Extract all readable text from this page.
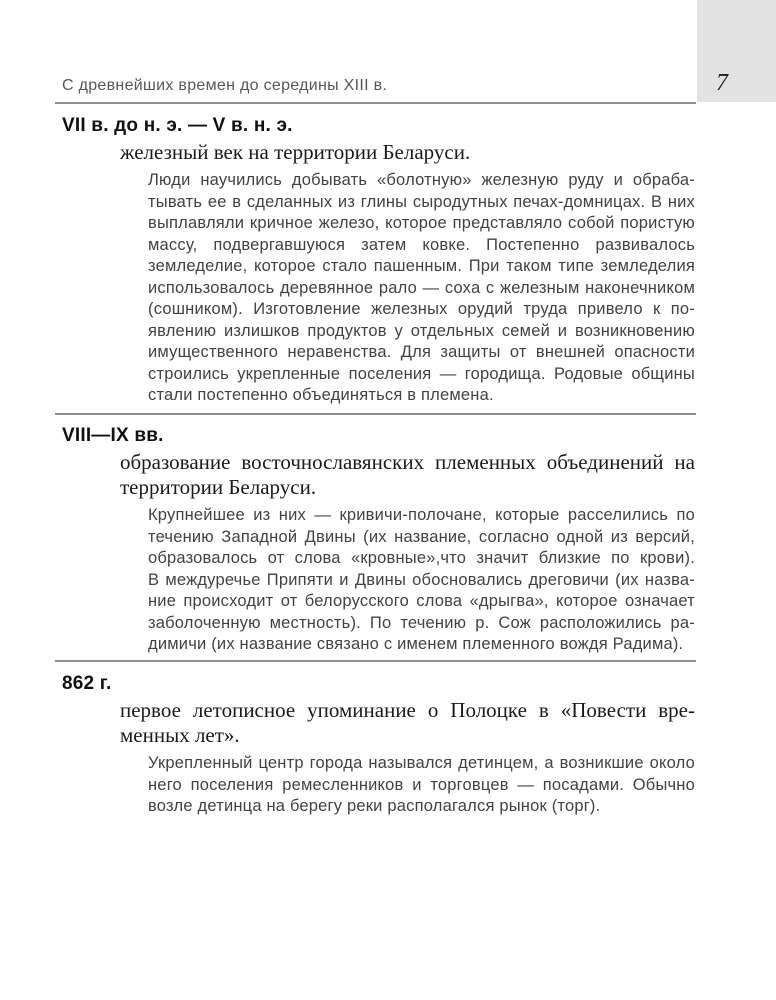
С древнейших времен до середины XIII в.	7
VII в. до н. э. — V в. н. э.
железный век на территории Беларуси.

Люди научились добывать «болотную» железную руду и обраба-
тывать ее в сделанных из глины сыродутных печах-домницах. В них
выплавляли кричное железо, которое представляло собой пористую
массу, подвергавшуюся затем ковке. Постепенно развивалось
земледелие, которое стало пашенным. При таком типе земледелия
использовалось деревянное рало — соха с железным наконечником
(сошником). Изготовление железных орудий труда привело к по-
явлению излишков продуктов у отдельных семей и возникновению
имущественного неравенства. Для защиты от внешней опасности
строились укрепленные поселения — городища. Родовые общины
стали постепенно объединяться в племена.

VIII—IX вв.
образование восточнославянских племенных объединений на
территории Беларуси.

Крупнейшее из них — кривичи-полочане, которые расселились по
течению Западной Двины (их название, согласно одной из версий,
образовалось от слова «кровные»,что значит близкие по крови).
В междуречье Припяти и Двины обосновались дреговичи (их назва-
ние происходит от белорусского слова «дрыгва», которое означает
заболоченную местность). По течению р. Сож расположились ра-
димичи (их название связано с именем племенного вождя Радима).

862 г.
первое летописное упоминание о Полоцке в «Повести вре-
менных лет».

Укрепленный центр города назывался детинцем, а возникшие около
него поселения ремесленников и торговцев — посадами. Обычно
возле детинца на берегу реки располагался рынок (торг).
